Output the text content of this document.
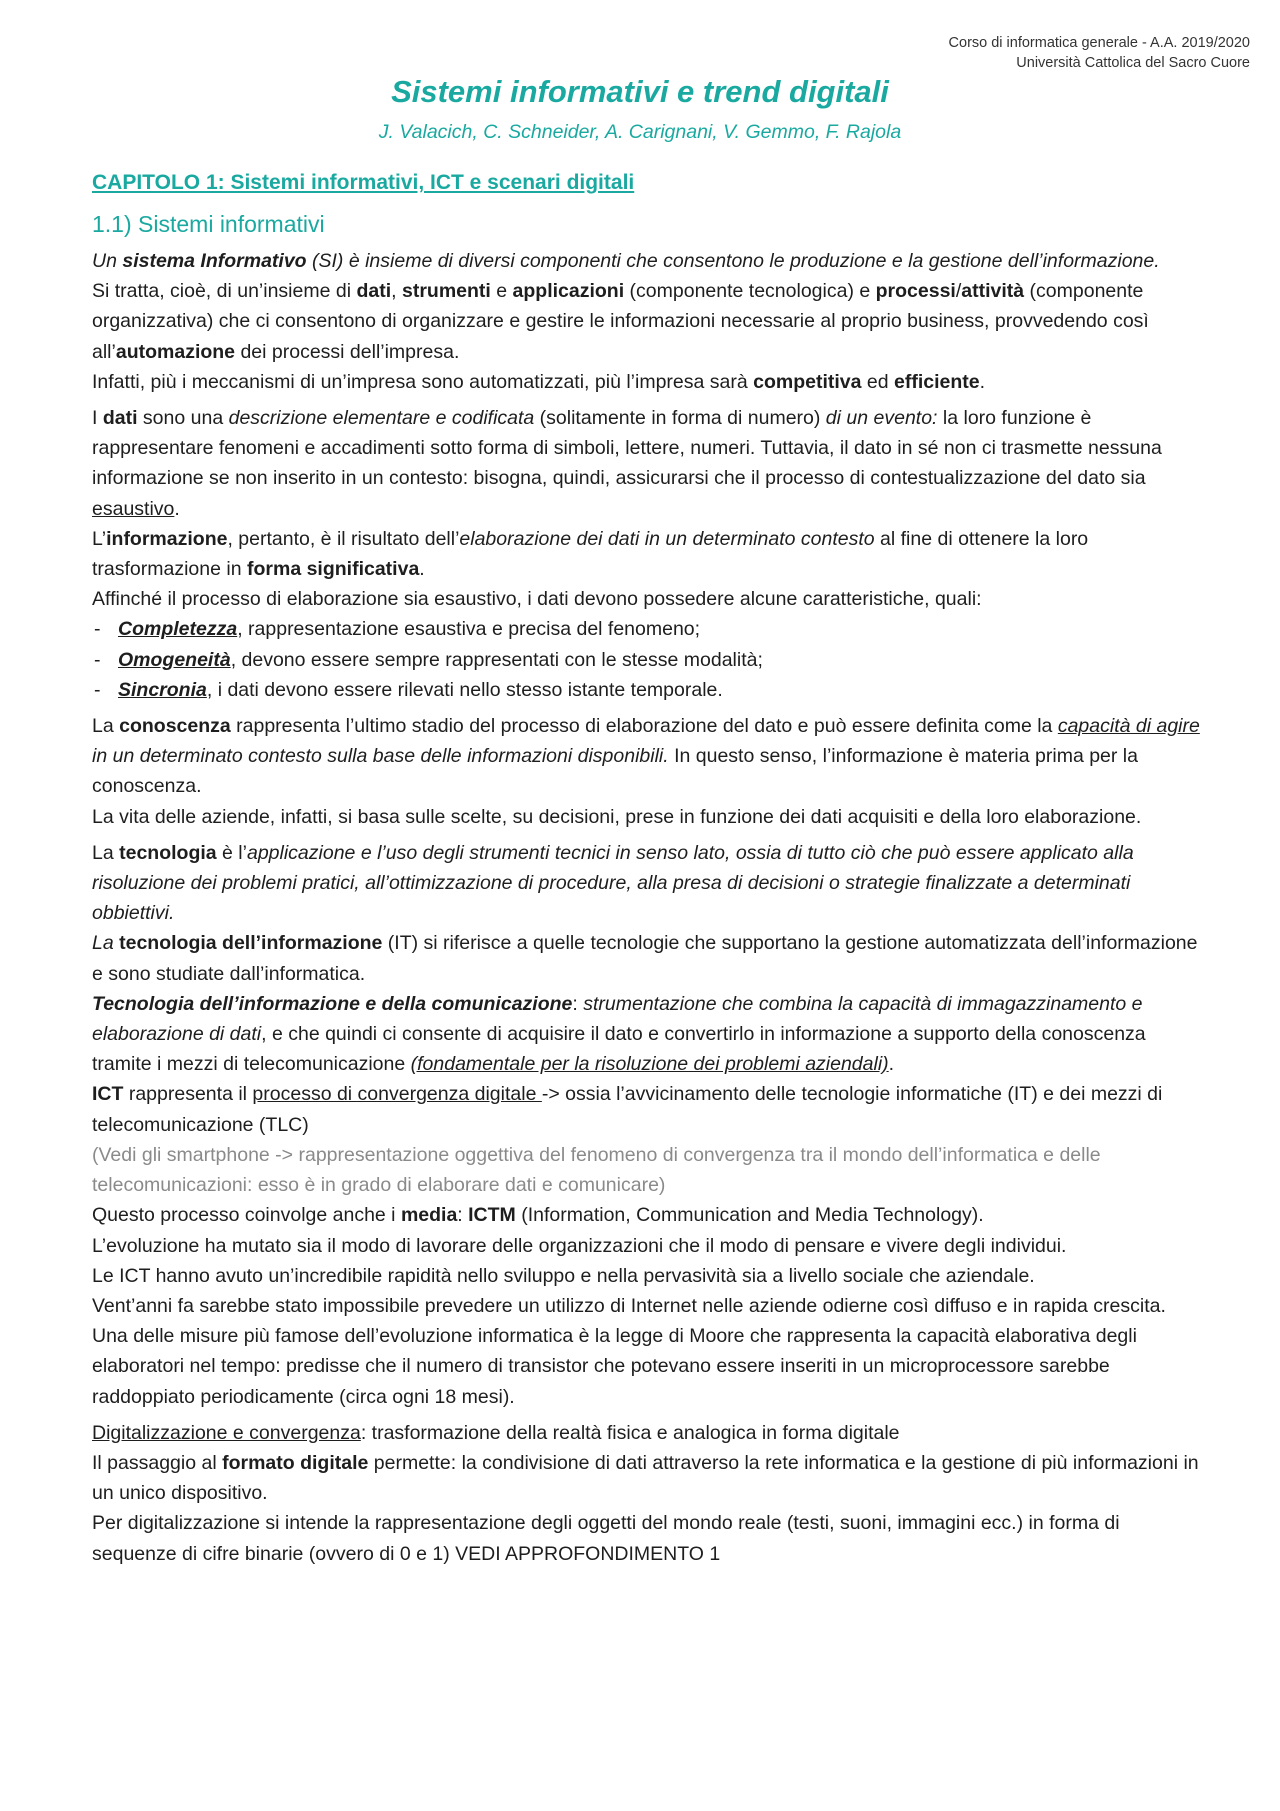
Corso di informatica generale - A.A. 2019/2020
Università Cattolica del Sacro Cuore
Sistemi informativi e trend digitali
J. Valacich, C. Schneider, A. Carignani, V. Gemmo, F. Rajola
CAPITOLO 1: Sistemi informativi, ICT e scenari digitali
1.1) Sistemi informativi

Un sistema Informativo (SI) è insieme di diversi componenti che consentono le produzione e la gestione dell’informazione.

Si tratta, cioè, di un’insieme di dati, strumenti e applicazioni (componente tecnologica) e processi/attività (componente organizzativa) che ci consentono di organizzare e gestire le informazioni necessarie al proprio business, provvedendo così all’automazione dei processi dell’impresa.

Infatti, più i meccanismi di un’impresa sono automatizzati, più l’impresa sarà competitiva ed efficiente.

I dati sono una descrizione elementare e codificata (solitamente in forma di numero) di un evento: la loro funzione è rappresentare fenomeni e accadimenti sotto forma di simboli, lettere, numeri. Tuttavia, il dato in sé non ci trasmette nessuna informazione se non inserito in un contesto: bisogna, quindi, assicurarsi che il processo di contestualizzazione del dato sia esaustivo.

L’informazione, pertanto, è il risultato dell’elaborazione dei dati in un determinato contesto al fine di ottenere la loro trasformazione in forma significativa.

Affinché il processo di elaborazione sia esaustivo, i dati devono possedere alcune caratteristiche, quali:

- Completezza, rappresentazione esaustiva e precisa del fenomeno;
- Omogeneità, devono essere sempre rappresentati con le stesse modalità;
- Sincronia, i dati devono essere rilevati nello stesso istante temporale.

La conoscenza rappresenta l’ultimo stadio del processo di elaborazione del dato e può essere definita come la capacità di agire in un determinato contesto sulla base delle informazioni disponibili. In questo senso, l’informazione è materia prima per la conoscenza.

La vita delle aziende, infatti, si basa sulle scelte, su decisioni, prese in funzione dei dati acquisiti e della loro elaborazione.

La tecnologia è l’applicazione e l’uso degli strumenti tecnici in senso lato, ossia di tutto ciò che può essere applicato alla risoluzione dei problemi pratici, all’ottimizzazione di procedure, alla presa di decisioni o strategie finalizzate a determinati obbiettivi.

La tecnologia dell’informazione (IT) si riferisce a quelle tecnologie che supportano la gestione automatizzata dell’informazione e sono studiate dall’informatica.

Tecnologia dell’informazione e della comunicazione: strumentazione che combina la capacità di immagazzinamento e elaborazione di dati, e che quindi ci consente di acquisire il dato e convertirlo in informazione a supporto della conoscenza tramite i mezzi di telecomunicazione (fondamentale per la risoluzione dei problemi aziendali).

ICT rappresenta il processo di convergenza digitale -> ossia l’avvicinamento delle tecnologie informatiche (IT) e dei mezzi di telecomunicazione (TLC)

(Vedi gli smartphone -> rappresentazione oggettiva del fenomeno di convergenza tra il mondo dell’informatica e delle telecomunicazioni: esso è in grado di elaborare dati e comunicare)

Questo processo coinvolge anche i media: ICTM (Information, Communication and Media Technology).

L’evoluzione ha mutato sia il modo di lavorare delle organizzazioni che il modo di pensare e vivere degli individui.

Le ICT hanno avuto un’incredibile rapidità nello sviluppo e nella pervasività sia a livello sociale che aziendale.

Vent’anni fa sarebbe stato impossibile prevedere un utilizzo di Internet nelle aziende odierne così diffuso e in rapida crescita. Una delle misure più famose dell’evoluzione informatica è la legge di Moore che rappresenta la capacità elaborativa degli elaboratori nel tempo: predisse che il numero di transistor che potevano essere inseriti in un microprocessore sarebbe raddoppiato periodicamente (circa ogni 18 mesi).

Digitalizzazione e convergenza: trasformazione della realtà fisica e analogica in forma digitale

Il passaggio al formato digitale permette: la condivisione di dati attraverso la rete informatica e la gestione di più informazioni in un unico dispositivo.

Per digitalizzazione si intende la rappresentazione degli oggetti del mondo reale (testi, suoni, immagini ecc.) in forma di sequenze di cifre binarie (ovvero di 0 e 1) VEDI APPROFONDIMENTO 1
